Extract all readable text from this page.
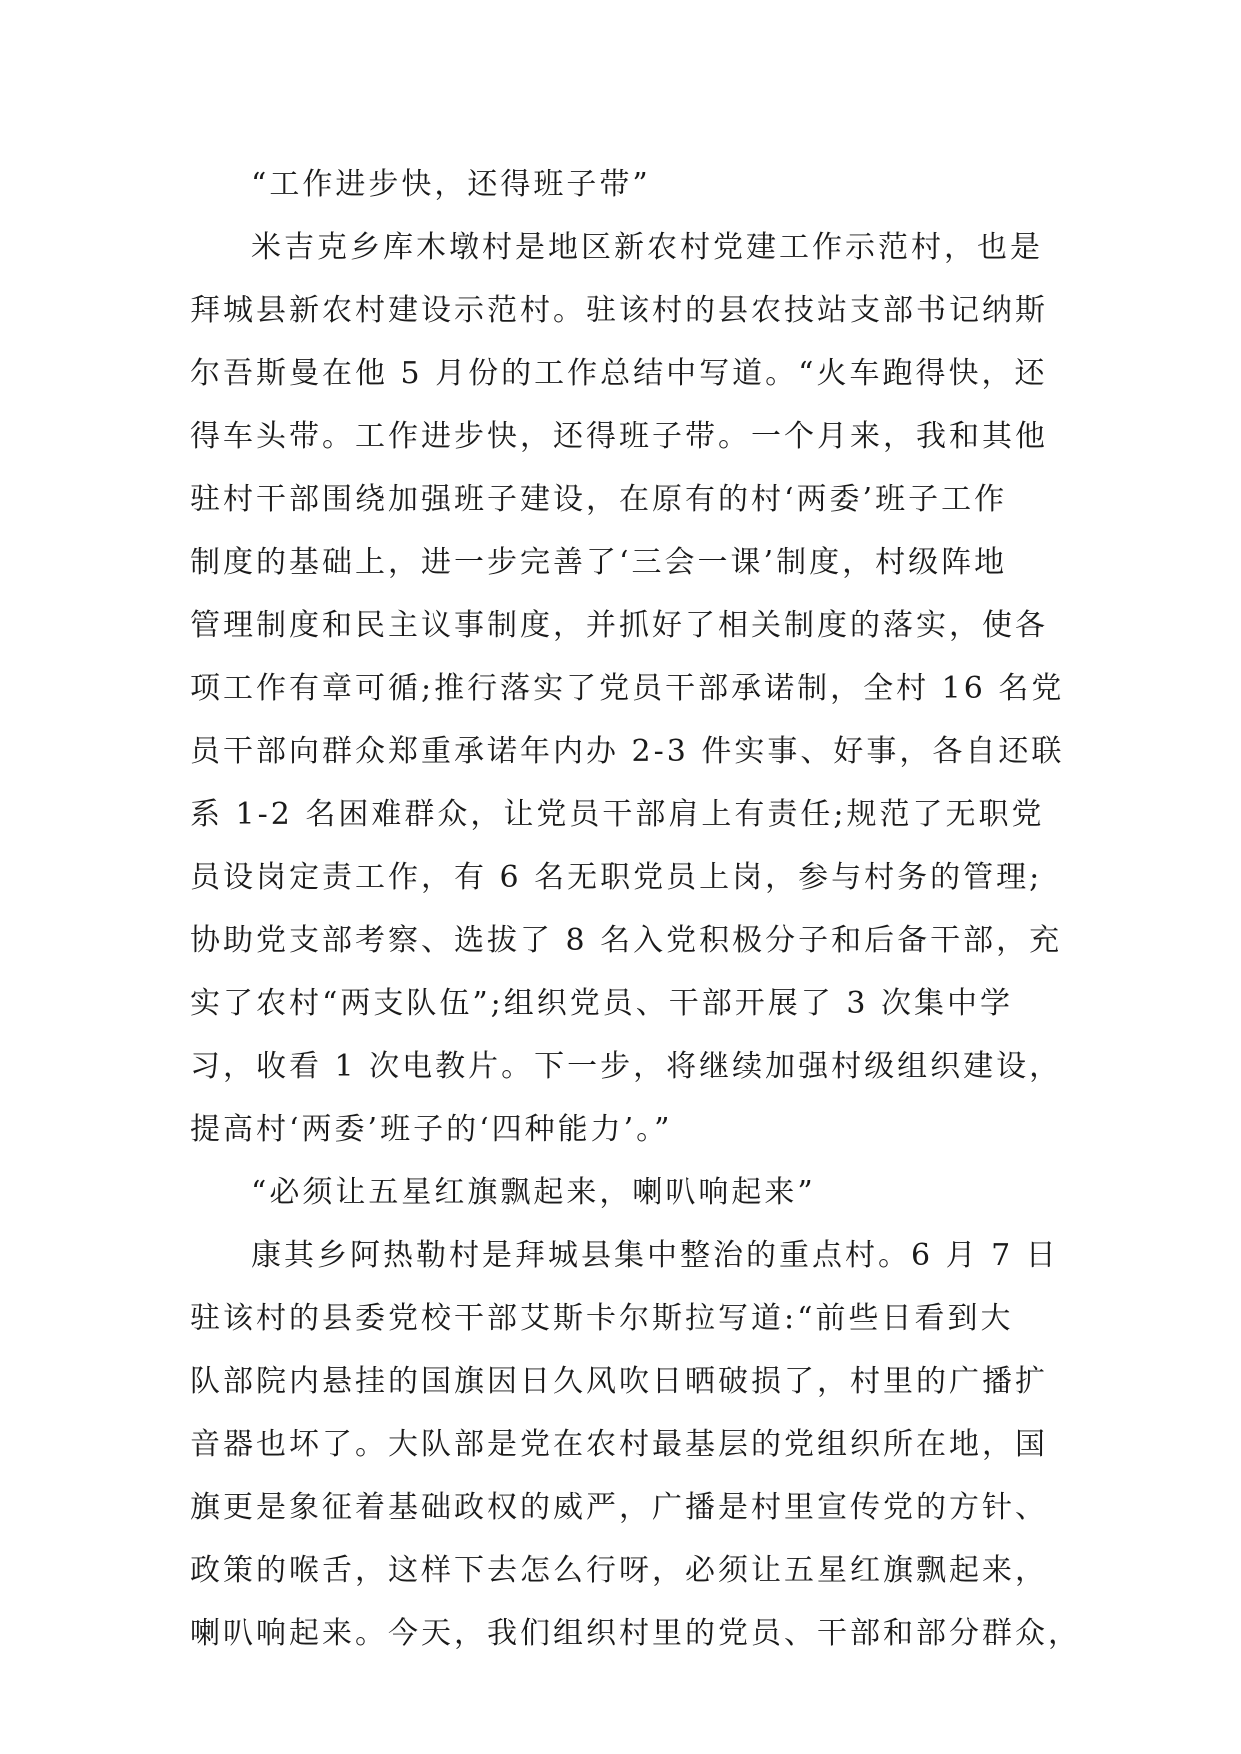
“工作进步快，还得班子带”
米吉克乡库木墩村是地区新农村党建工作示范村，也是
拜城县新农村建设示范村。驻该村的县农技站支部书记纳斯
尔吾斯曼在他 5 月份的工作总结中写道。“火车跑得快，还
得车头带。工作进步快，还得班子带。一个月来，我和其他
驻村干部围绕加强班子建设，在原有的村‘两委’班子工作
制度的基础上，进一步完善了‘三会一课’制度，村级阵地
管理制度和民主议事制度，并抓好了相关制度的落实，使各
项工作有章可循;推行落实了党员干部承诺制，全村 16 名党
员干部向群众郑重承诺年内办 2-3 件实事、好事，各自还联
系 1-2 名困难群众，让党员干部肩上有责任;规范了无职党
员设岗定责工作，有 6 名无职党员上岗，参与村务的管理;
协助党支部考察、选拔了 8 名入党积极分子和后备干部，充
实了农村“两支队伍”;组织党员、干部开展了 3 次集中学
习，收看 1 次电教片。下一步，将继续加强村级组织建设，
提高村‘两委’班子的‘四种能力’。”
“必须让五星红旗飘起来，喇叭响起来”
康其乡阿热勒村是拜城县集中整治的重点村。6 月 7 日
驻该村的县委党校干部艾斯卡尔斯拉写道:“前些日看到大
队部院内悬挂的国旗因日久风吹日晒破损了，村里的广播扩
音器也坏了。大队部是党在农村最基层的党组织所在地，国
旗更是象征着基础政权的威严，广播是村里宣传党的方针、
政策的喉舌，这样下去怎么行呀，必须让五星红旗飘起来，
喇叭响起来。今天，我们组织村里的党员、干部和部分群众，
